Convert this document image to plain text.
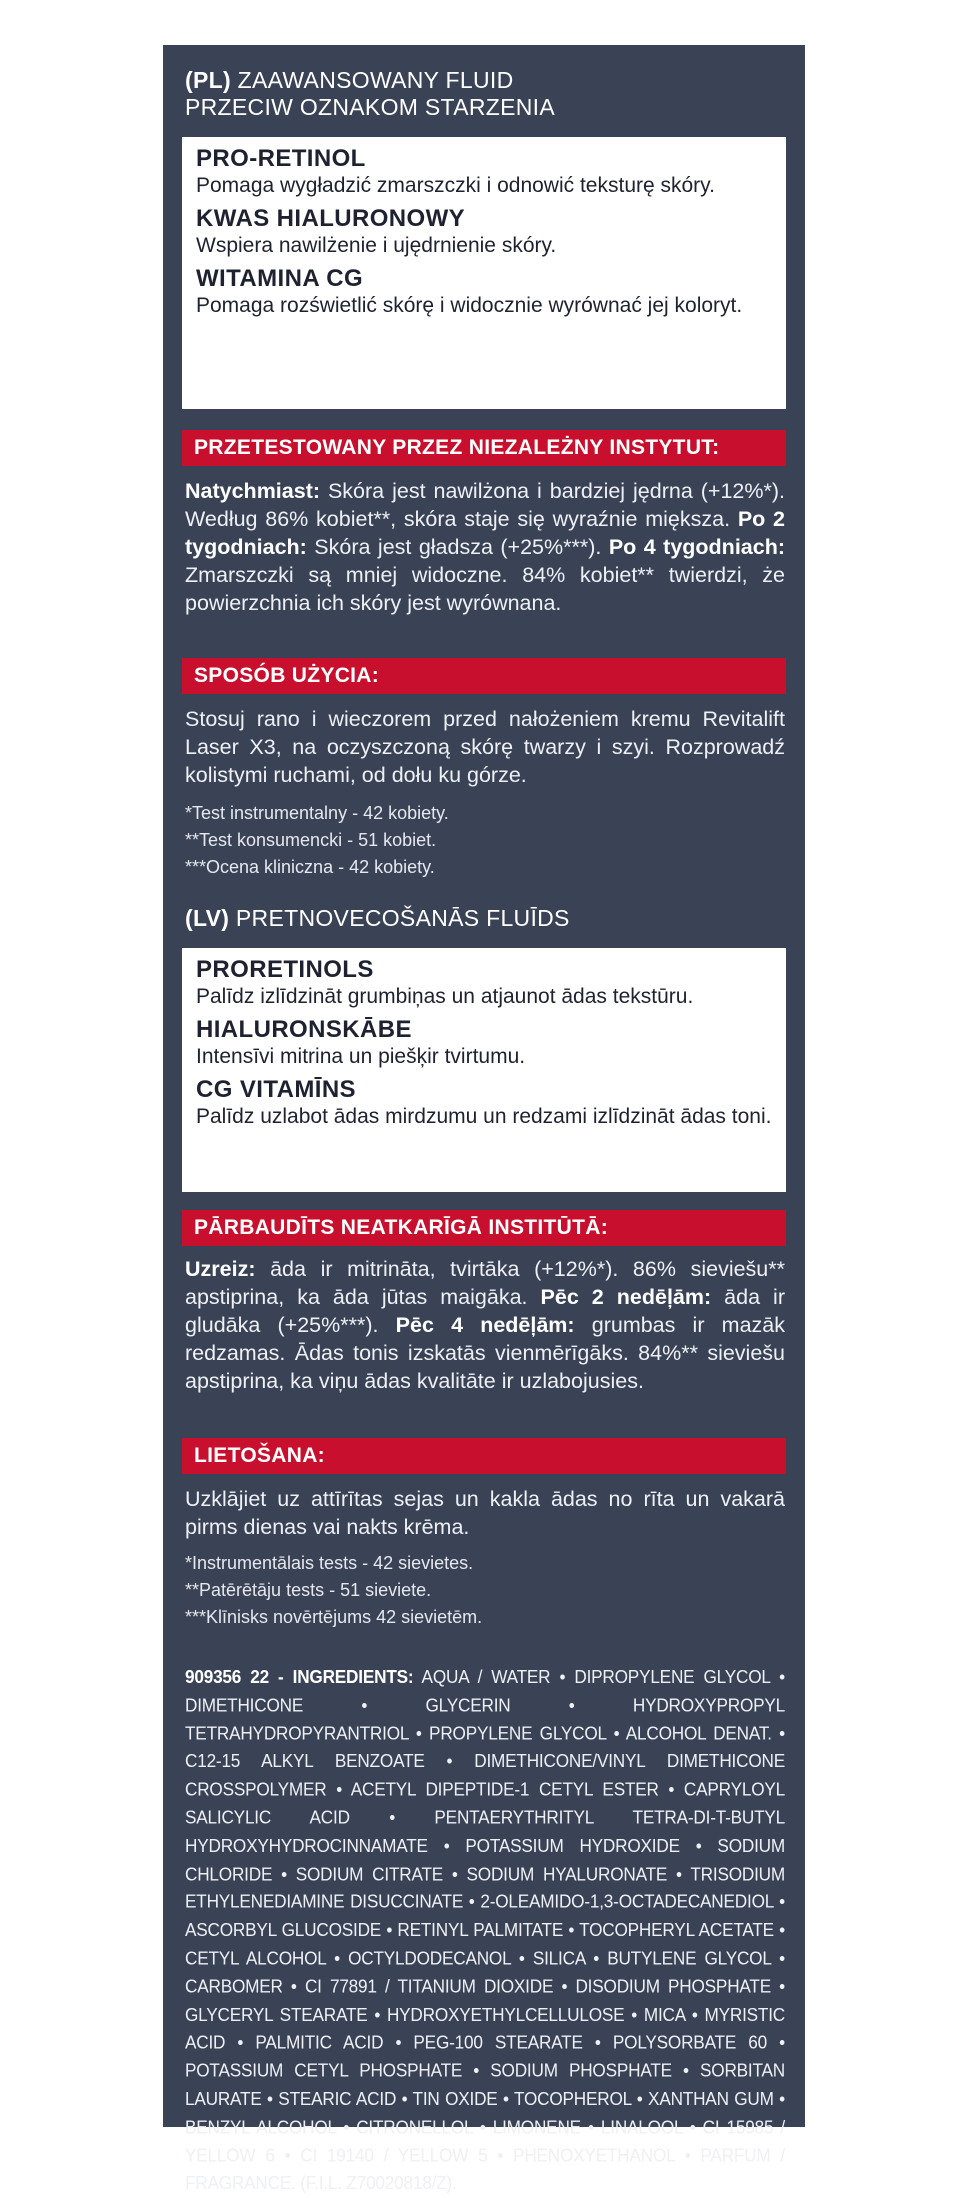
(PL) ZAAWANSOWANY FLUID
PRZECIW OZNAKOM STARZENIA
PRO-RETINOL
Pomaga wygładzić zmarszczki i odnowić teksturę skóry.
KWAS HIALURONOWY
Wspiera nawilżenie i ujędrnienie skóry.
WITAMINA CG
Pomaga rozświetlić skórę i widocznie wyrównać jej koloryt.
PRZETESTOWANY PRZEZ NIEZALEŻNY INSTYTUT:
Natychmiast: Skóra jest nawilżona i bardziej jędrna (+12%*). Według 86% kobiet**, skóra staje się wyraźnie miększa. Po 2 tygodniach: Skóra jest gładsza (+25%***). Po 4 tygodniach: Zmarszczki są mniej widoczne. 84% kobiet** twierdzi, że powierzchnia ich skóry jest wyrównana.
SPOSÓB UŻYCIA:
Stosuj rano i wieczorem przed nałożeniem kremu Revitalift Laser X3, na oczyszczoną skórę twarzy i szyi. Rozprowadź kolistymi ruchami, od dołu ku górze.
*Test instrumentalny - 42 kobiety.
**Test konsumencki - 51 kobiet.
***Ocena kliniczna - 42 kobiety.
(LV) PRETNOVECOŠANĀS FLUĪDS
PRORETINOLS
Palīdz izlīdzināt grumbiņas un atjaunot ādas tekstūru.
HIALURONSKĀBE
Intensīvi mitrina un piešķir tvirtumu.
CG VITAMĪNS
Palīdz uzlabot ādas mirdzumu un redzami izlīdzināt ādas toni.
PĀRBAUDĪTS NEATKARĪGĀ INSTITŪTĀ:
Uzreiz: āda ir mitrināta, tvirtāka (+12%*). 86% sieviešu** apstiprina, ka āda jūtas maigāka. Pēc 2 nedēļām: āda ir gludāka (+25%***). Pēc 4 nedēļām: grumbas ir mazāk redzamas. Ādas tonis izskatās vienmērīgāks. 84%** sieviešu apstiprina, ka viņu ādas kvalitāte ir uzlabojusies.
LIETOŠANA:
Uzklājiet uz attīrītas sejas un kakla ādas no rīta un vakarā pirms dienas vai nakts krēma.
*Instrumentālais tests - 42 sievietes.
**Patērētāju tests - 51 sieviete.
***Klīnisks novērtējums 42 sievietēm.
909356 22 - INGREDIENTS: AQUA / WATER • DIPROPYLENE GLYCOL • DIMETHICONE • GLYCERIN • HYDROXYPROPYL TETRAHYDROPYRANTRIOL • PROPYLENE GLYCOL • ALCOHOL DENAT. • C12-15 ALKYL BENZOATE • DIMETHICONE/VINYL DIMETHICONE CROSSPOLYMER • ACETYL DIPEPTIDE-1 CETYL ESTER • CAPRYLOYL SALICYLIC ACID • PENTAERYTHRITYL TETRA-DI-T-BUTYL HYDROXYHYDROCINNAMATE • POTASSIUM HYDROXIDE • SODIUM CHLORIDE • SODIUM CITRATE • SODIUM HYALURONATE • TRISODIUM ETHYLENEDIAMINE DISUCCINATE • 2-OLEAMIDO-1,3-OCTADECANEDIOL • ASCORBYL GLUCOSIDE • RETINYL PALMITATE • TOCOPHERYL ACETATE • CETYL ALCOHOL • OCTYLDODECANOL • SILICA • BUTYLENE GLYCOL • CARBOMER • CI 77891 / TITANIUM DIOXIDE • DISODIUM PHOSPHATE • GLYCERYL STEARATE • HYDROXYETHYLCELLULOSE • MICA • MYRISTIC ACID • PALMITIC ACID • PEG-100 STEARATE • POLYSORBATE 60 • POTASSIUM CETYL PHOSPHATE • SODIUM PHOSPHATE • SORBITAN LAURATE • STEARIC ACID • TIN OXIDE • TOCOPHEROL • XANTHAN GUM • BENZYL ALCOHOL • CITRONELLOL • LIMONENE • LINALOOL • CI 15985 / YELLOW 6 • CI 19140 / YELLOW 5 • PHENOXYETHANOL • PARFUM / FRAGRANCE. (F.I.L. Z70020818/Z).
